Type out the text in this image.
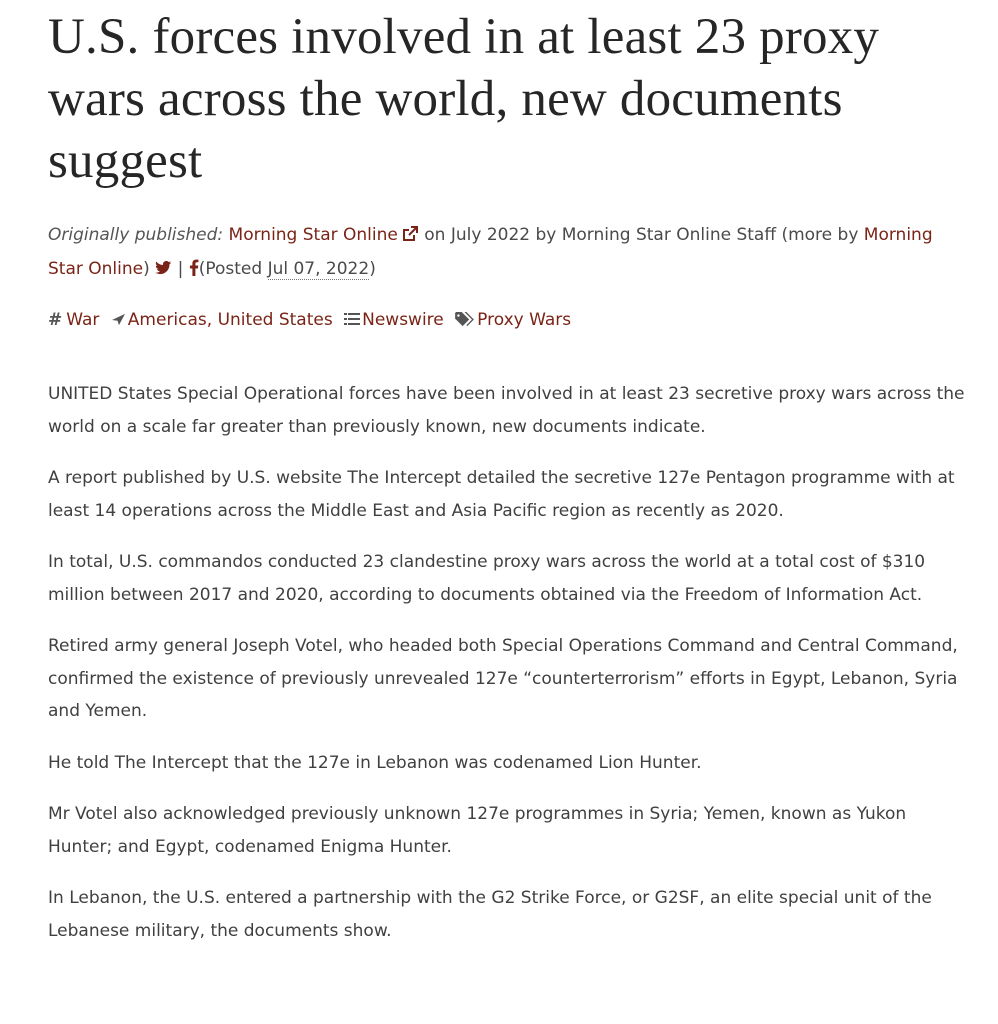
U.S. forces involved in at least 23 proxy wars across the world, new documents suggest
Originally published: Morning Star Online on July 2022 by Morning Star Online Staff (more by Morning Star Online) | (Posted Jul 07, 2022)
# War Americas, United States Newswire Proxy Wars

UNITED States Special Operational forces have been involved in at least 23 secretive proxy wars across the world on a scale far greater than previously known, new documents indicate.

A report published by U.S. website The Intercept detailed the secretive 127e Pentagon programme with at least 14 operations across the Middle East and Asia Pacific region as recently as 2020.

In total, U.S. commandos conducted 23 clandestine proxy wars across the world at a total cost of $310 million between 2017 and 2020, according to documents obtained via the Freedom of Information Act.

Retired army general Joseph Votel, who headed both Special Operations Command and Central Command, confirmed the existence of previously unrevealed 127e “counterterrorism” efforts in Egypt, Lebanon, Syria and Yemen.

He told The Intercept that the 127e in Lebanon was codenamed Lion Hunter.

Mr Votel also acknowledged previously unknown 127e programmes in Syria; Yemen, known as Yukon Hunter; and Egypt, codenamed Enigma Hunter.

In Lebanon, the U.S. entered a partnership with the G2 Strike Force, or G2SF, an elite special unit of the Lebanese military, the documents show.
